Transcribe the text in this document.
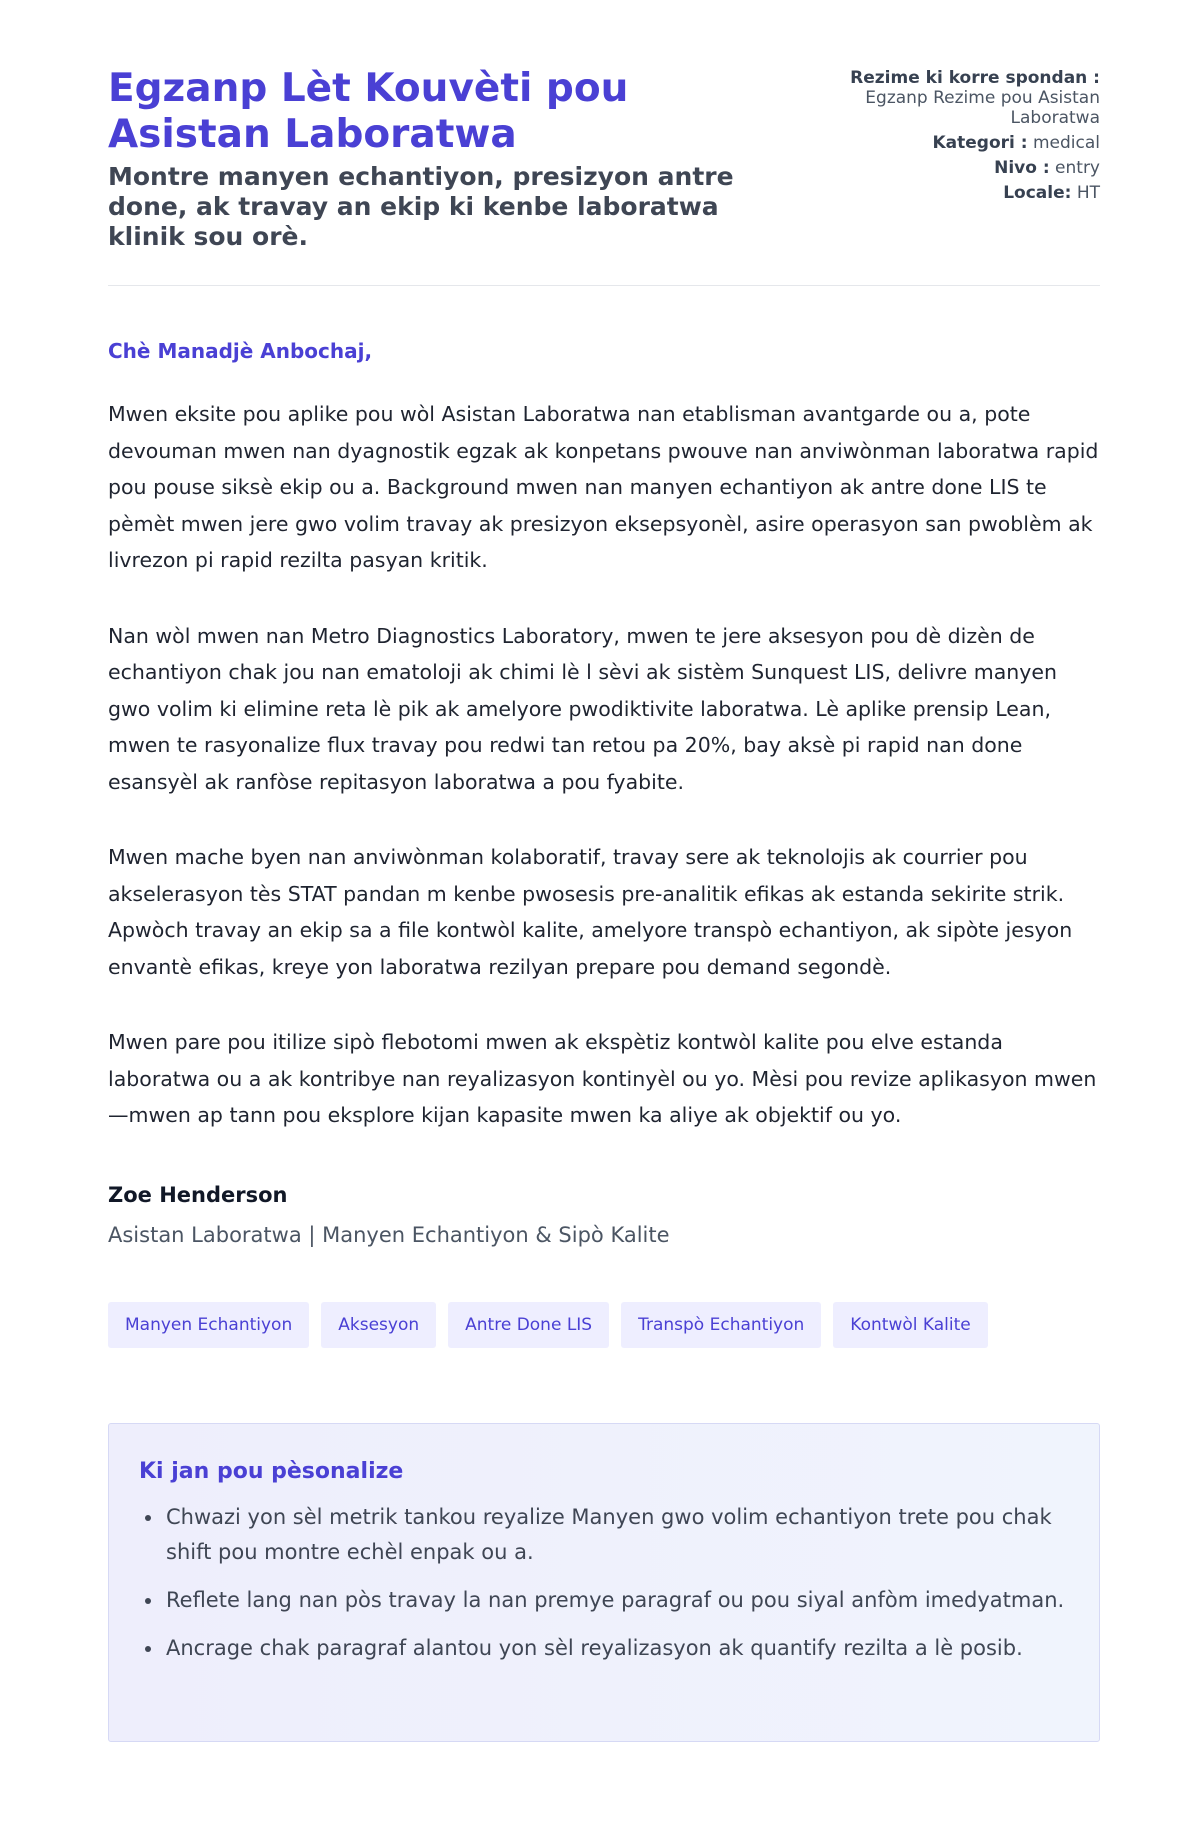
Egzanp Lèt Kouvèti pou Asistan Laboratwa
Montre manyen echantiyon, presizyon antre done, ak travay an ekip ki kenbe laboratwa klinik sou orè.
Rezime ki korre spondan :
Egzanp Rezime pou Asistan Laboratwa
Kategori : medical
Nivo : entry
Locale: HT
Chè Manadjè Anbochaj,

Mwen eksite pou aplike pou wòl Asistan Laboratwa nan etablisman avantgarde ou a, pote devouman mwen nan dyagnostik egzak ak konpetans pwouve nan anviwònman laboratwa rapid pou pouse siksè ekip ou a. Background mwen nan manyen echantiyon ak antre done LIS te pèmèt mwen jere gwo volim travay ak presizyon eksepsyonèl, asire operasyon san pwoblèm ak livrezon pi rapid rezilta pasyan kritik.

Nan wòl mwen nan Metro Diagnostics Laboratory, mwen te jere aksesyon pou dè dizèn de echantiyon chak jou nan ematoloji ak chimi lè l sèvi ak sistèm Sunquest LIS, delivre manyen gwo volim ki elimine reta lè pik ak amelyore pwodiktivite laboratwa. Lè aplike prensip Lean, mwen te rasyonalize flux travay pou redwi tan retou pa 20%, bay aksè pi rapid nan done esansyèl ak ranfòse repitasyon laboratwa a pou fyabite.

Mwen mache byen nan anviwònman kolaboratif, travay sere ak teknolojis ak courrier pou akselerasyon tès STAT pandan m kenbe pwosesis pre-analitik efikas ak estanda sekirite strik. Apwòch travay an ekip sa a file kontwòl kalite, amelyore transpò echantiyon, ak sipòte jesyon envantè efikas, kreye yon laboratwa rezilyan prepare pou demand segondè.

Mwen pare pou itilize sipò flebotomi mwen ak ekspètiz kontwòl kalite pou elve estanda laboratwa ou a ak kontribye nan reyalizasyon kontinyèl ou yo. Mèsi pou revize aplikasyon mwen—mwen ap tann pou eksplore kijan kapasite mwen ka aliye ak objektif ou yo.

Zoe Henderson
Asistan Laboratwa | Manyen Echantiyon & Sipò Kalite
Manyen Echantiyon	Aksesyon	Antre Done LIS	Transpò Echantiyon	Kontwòl Kalite
Ki jan pou pèsonalize
• Chwazi yon sèl metrik tankou reyalize Manyen gwo volim echantiyon trete pou chak shift pou montre echèl enpak ou a.
• Reflete lang nan pòs travay la nan premye paragraf ou pou siyal anfòm imedyatman.
• Ancrage chak paragraf alantou yon sèl reyalizasyon ak quantify rezilta a lè posib.
